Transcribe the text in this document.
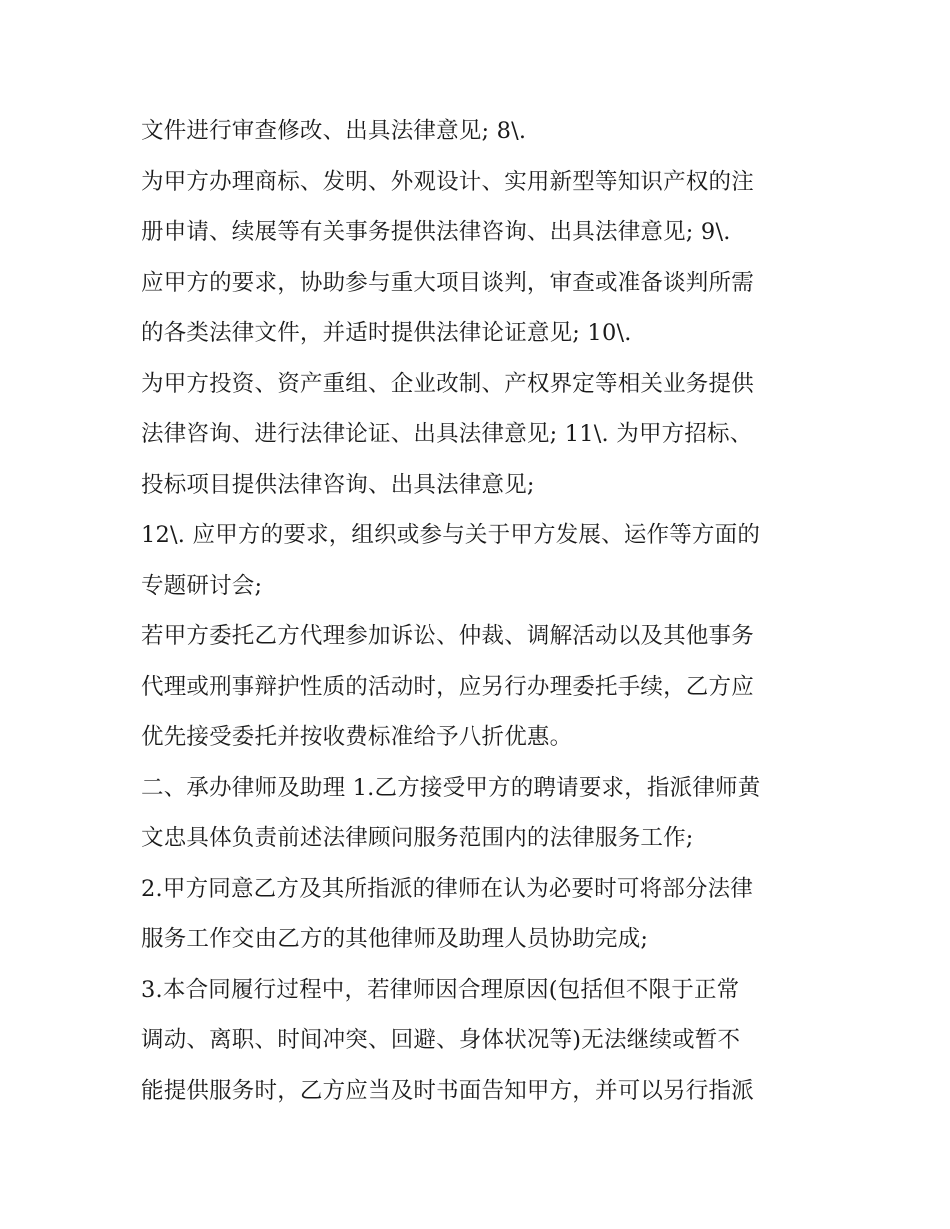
文件进行审查修改、出具法律意见; 8\.
为甲方办理商标、发明、外观设计、实用新型等知识产权的注
册申请、续展等有关事务提供法律咨询、出具法律意见; 9\.
应甲方的要求，协助参与重大项目谈判，审查或准备谈判所需
的各类法律文件，并适时提供法律论证意见; 10\.
为甲方投资、资产重组、企业改制、产权界定等相关业务提供
法律咨询、进行法律论证、出具法律意见; 11\. 为甲方招标、
投标项目提供法律咨询、出具法律意见;
12\. 应甲方的要求，组织或参与关于甲方发展、运作等方面的
专题研讨会;
若甲方委托乙方代理参加诉讼、仲裁、调解活动以及其他事务
代理或刑事辩护性质的活动时，应另行办理委托手续，乙方应
优先接受委托并按收费标准给予八折优惠。
二、承办律师及助理 1.乙方接受甲方的聘请要求，指派律师黄
文忠具体负责前述法律顾问服务范围内的法律服务工作;
2.甲方同意乙方及其所指派的律师在认为必要时可将部分法律
服务工作交由乙方的其他律师及助理人员协助完成;
3.本合同履行过程中，若律师因合理原因(包括但不限于正常
调动、离职、时间冲突、回避、身体状况等)无法继续或暂不
能提供服务时，乙方应当及时书面告知甲方，并可以另行指派
